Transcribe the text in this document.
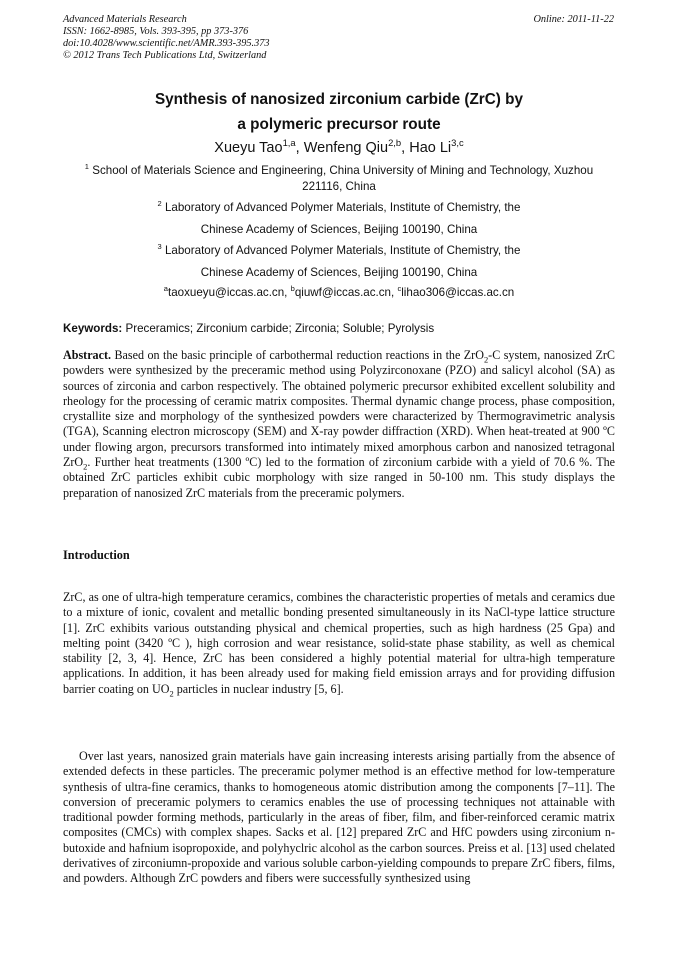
Advanced Materials Research
ISSN: 1662-8985, Vols. 393-395, pp 373-376
doi:10.4028/www.scientific.net/AMR.393-395.373
© 2012 Trans Tech Publications Ltd, Switzerland
Online: 2011-11-22
Synthesis of nanosized zirconium carbide (ZrC) by
a polymeric precursor route
Xueyu Tao$^{1,a}$, Wenfeng Qiu$^{2,b}$, Hao Li$^{3,c}$
$^1$ School of Materials Science and Engineering, China University of Mining and Technology, Xuzhou
221116, China
$^2$ Laboratory of Advanced Polymer Materials, Institute of Chemistry, the
Chinese Academy of Sciences, Beijing 100190, China
$^3$ Laboratory of Advanced Polymer Materials, Institute of Chemistry, the
Chinese Academy of Sciences, Beijing 100190, China
$^a$taoxueyu@iccas.ac.cn, $^b$qiuwf@iccas.ac.cn, $^c$lihao306@iccas.ac.cn
Keywords: Preceramics; Zirconium carbide; Zirconia; Soluble; Pyrolysis
Abstract. Based on the basic principle of carbothermal reduction reactions in the ZrO$_2$-C system, nanosized ZrC powders were synthesized by the preceramic method using Polyzirconoxane (PZO) and salicyl alcohol (SA) as sources of zirconia and carbon respectively. The obtained polymeric precursor exhibited excellent solubility and rheology for the processing of ceramic matrix composites. Thermal dynamic change process, phase composition, crystallite size and morphology of the synthesized powders were characterized by Thermogravimetric analysis (TGA), Scanning electron microscopy (SEM) and X-ray powder diffraction (XRD). When heat-treated at 900 ºC under flowing argon, precursors transformed into intimately mixed amorphous carbon and nanosized tetragonal ZrO$_2$. Further heat treatments (1300 ºC) led to the formation of zirconium carbide with a yield of 70.6 %. The obtained ZrC particles exhibit cubic morphology with size ranged in 50-100 nm. This study displays the preparation of nanosized ZrC materials from the preceramic polymers.
Introduction
ZrC, as one of ultra-high temperature ceramics, combines the characteristic properties of metals and ceramics due to a mixture of ionic, covalent and metallic bonding presented simultaneously in its NaCl-type lattice structure [1]. ZrC exhibits various outstanding physical and chemical properties, such as high hardness (25 Gpa) and melting point (3420 ºC ), high corrosion and wear resistance, solid-state phase stability, as well as chemical stability [2, 3, 4]. Hence, ZrC has been considered a highly potential material for ultra-high temperature applications. In addition, it has been already used for making field emission arrays and for providing diffusion barrier coating on $UO_2$ particles in nuclear industry [5, 6].
Over last years, nanosized grain materials have gain increasing interests arising partially from the absence of extended defects in these particles. The preceramic polymer method is an effective method for low-temperature synthesis of ultra-fine ceramics, thanks to homogeneous atomic distribution among the components [7–11]. The conversion of preceramic polymers to ceramics enables the use of processing techniques not attainable with traditional powder forming methods, particularly in the areas of fiber, film, and fiber-reinforced ceramic matrix composites (CMCs) with complex shapes. Sacks et al. [12] prepared ZrC and HfC powders using zirconium n-butoxide and hafnium isopropoxide, and polyhyclric alcohol as the carbon sources. Preiss et al. [13] used chelated derivatives of zirconiumn-propoxide and various soluble carbon-yielding compounds to prepare ZrC fibers, films, and powders. Although ZrC powders and fibers were successfully synthesized using
